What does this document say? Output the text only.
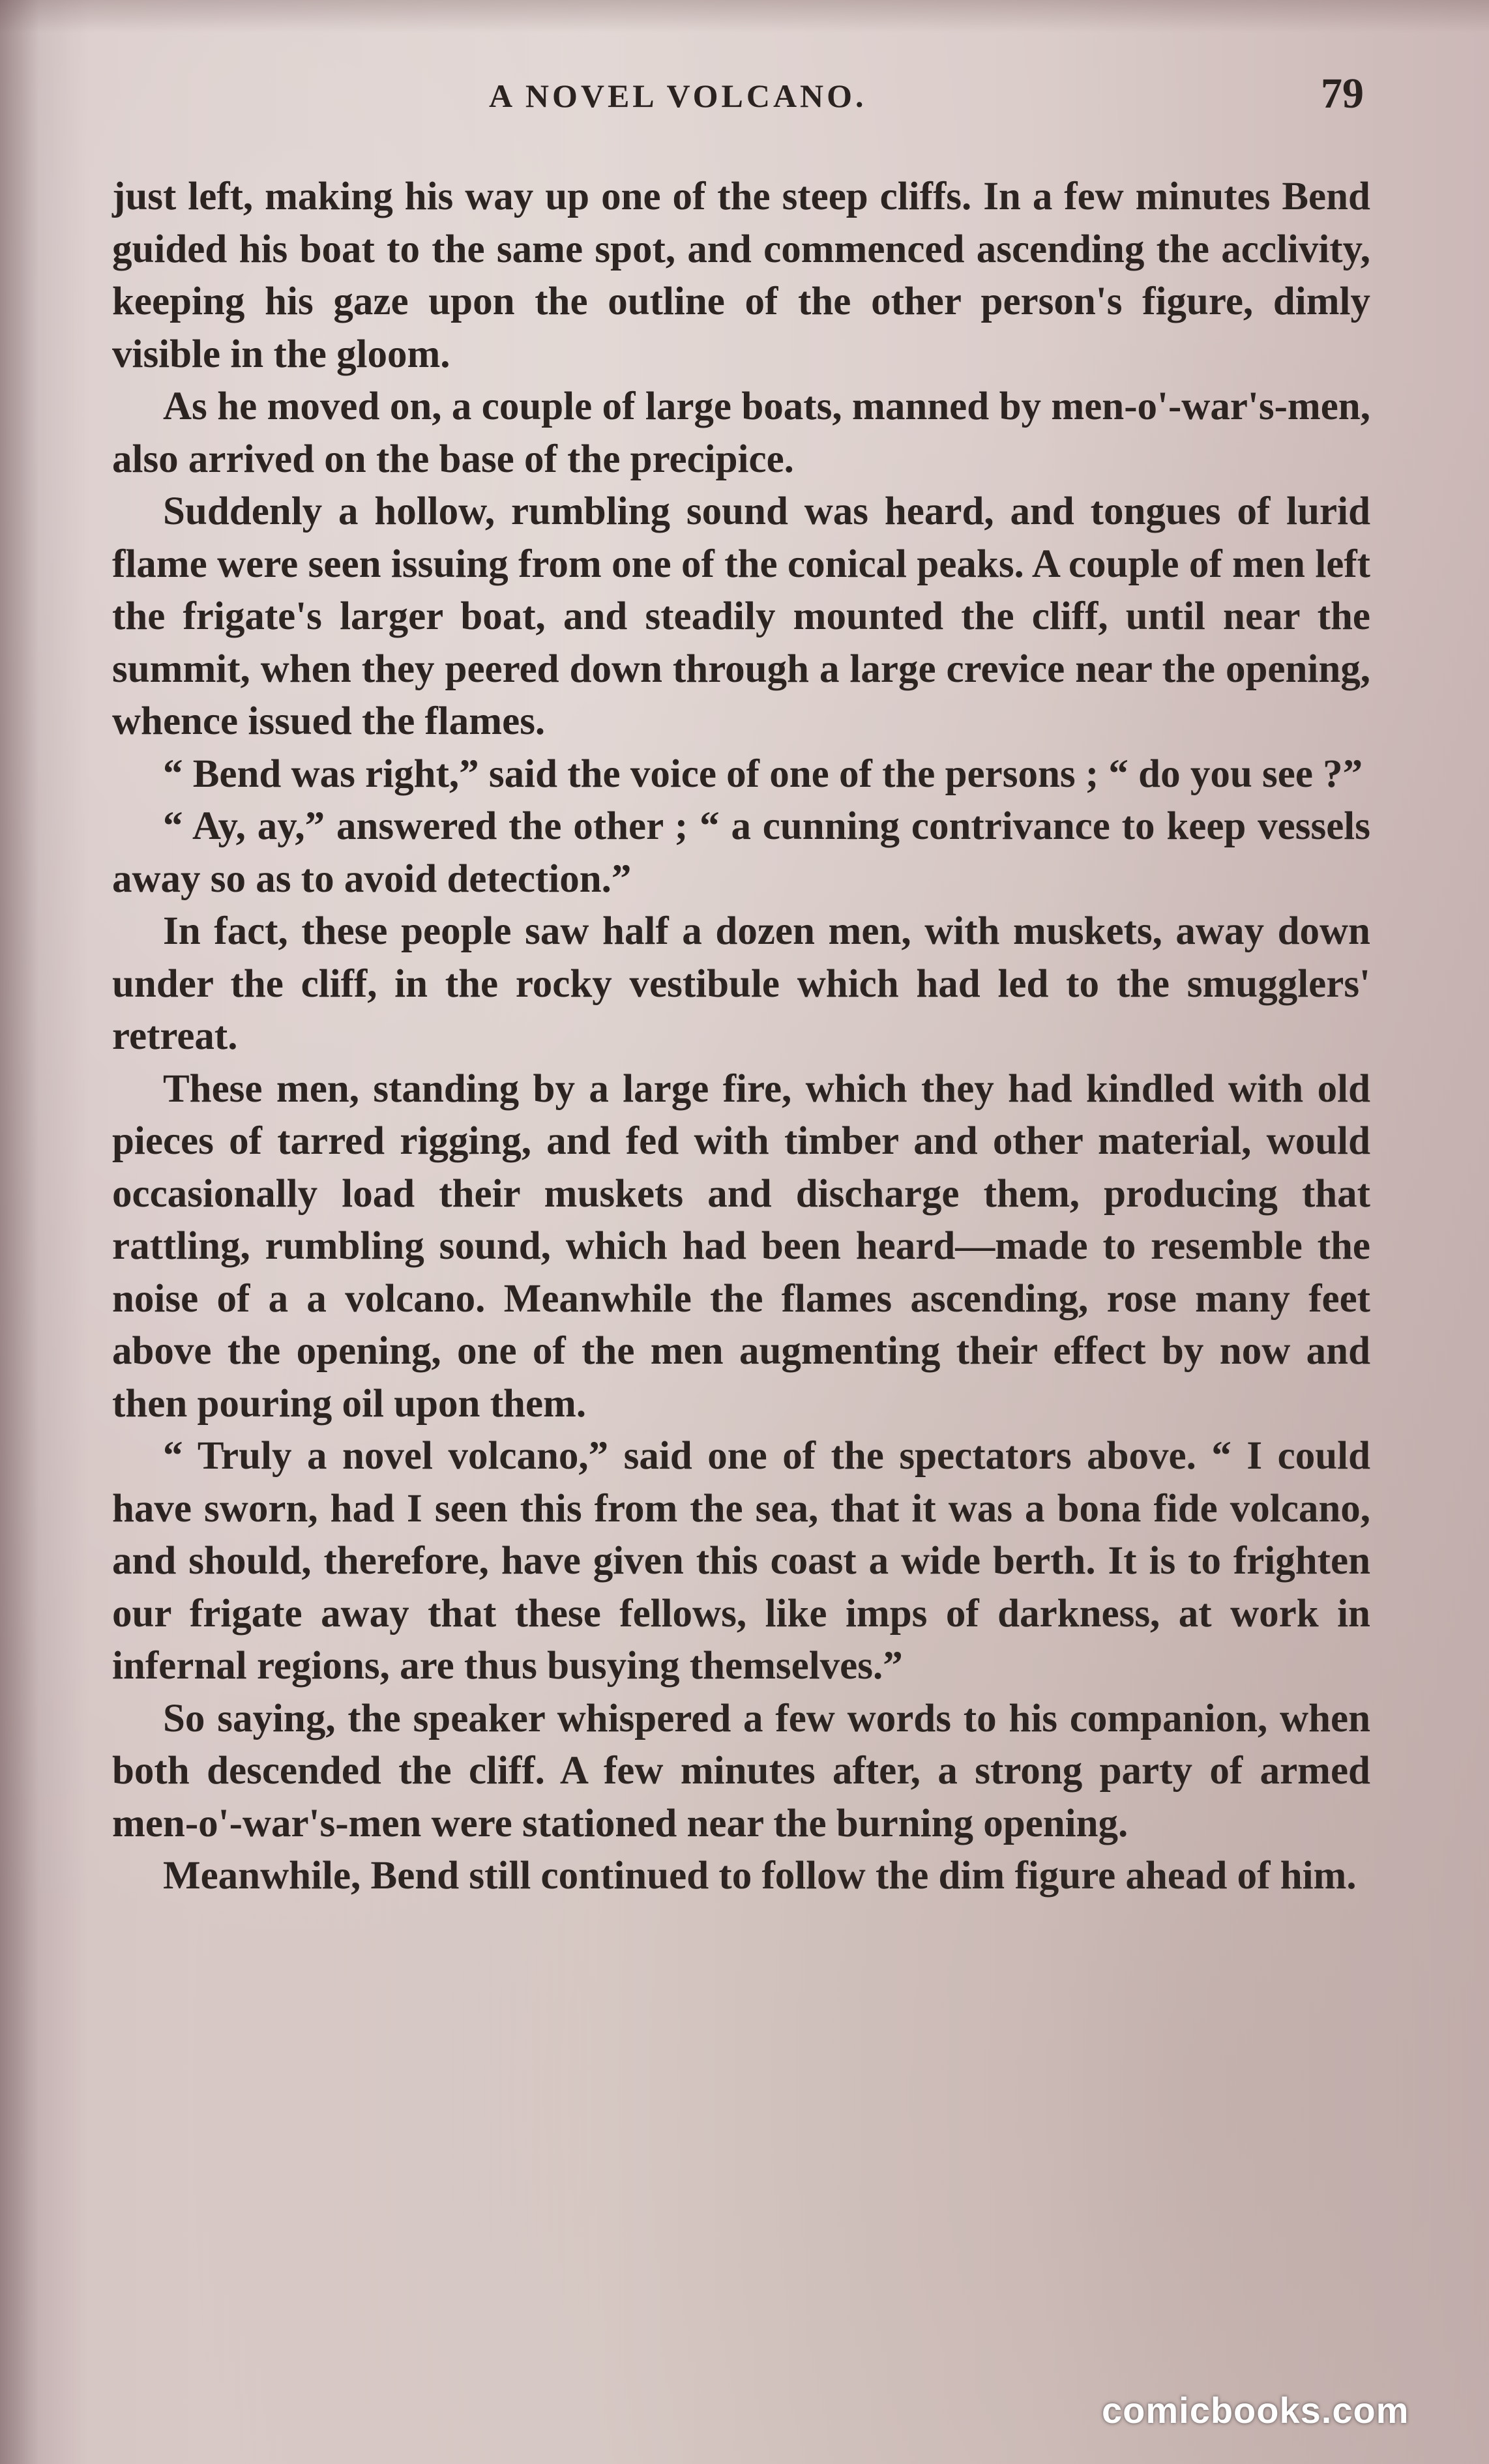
A NOVEL VOLCANO.	79

just left, making his way up one of the steep cliffs. In a few minutes Bend guided his boat to the same spot, and commenced ascending the acclivity, keeping his gaze upon the outline of the other person's figure, dimly visible in the gloom.

As he moved on, a couple of large boats, manned by men-o'-war's-men, also arrived on the base of the precipice.

Suddenly a hollow, rumbling sound was heard, and tongues of lurid flame were seen issuing from one of the conical peaks. A couple of men left the frigate's larger boat, and steadily mounted the cliff, until near the summit, when they peered down through a large crevice near the opening, whence issued the flames.

“ Bend was right,” said the voice of one of the persons ; “ do you see ?”

“ Ay, ay,” answered the other ; “ a cunning contrivance to keep vessels away so as to avoid detection.”

In fact, these people saw half a dozen men, with muskets, away down under the cliff, in the rocky vestibule which had led to the smugglers' retreat.

These men, standing by a large fire, which they had kindled with old pieces of tarred rigging, and fed with timber and other material, would occasionally load their muskets and discharge them, producing that rattling, rumbling sound, which had been heard—made to resemble the noise of a a volcano. Meanwhile the flames ascending, rose many feet above the opening, one of the men augmenting their effect by now and then pouring oil upon them.

“ Truly a novel volcano,” said one of the spectators above. “ I could have sworn, had I seen this from the sea, that it was a bona fide volcano, and should, therefore, have given this coast a wide berth. It is to frighten our frigate away that these fellows, like imps of darkness, at work in infernal regions, are thus busying themselves.”

So saying, the speaker whispered a few words to his companion, when both descended the cliff. A few minutes after, a strong party of armed men-o'-war's-men were stationed near the burning opening.

Meanwhile, Bend still continued to follow the dim figure ahead of him.

comicbooks.com
